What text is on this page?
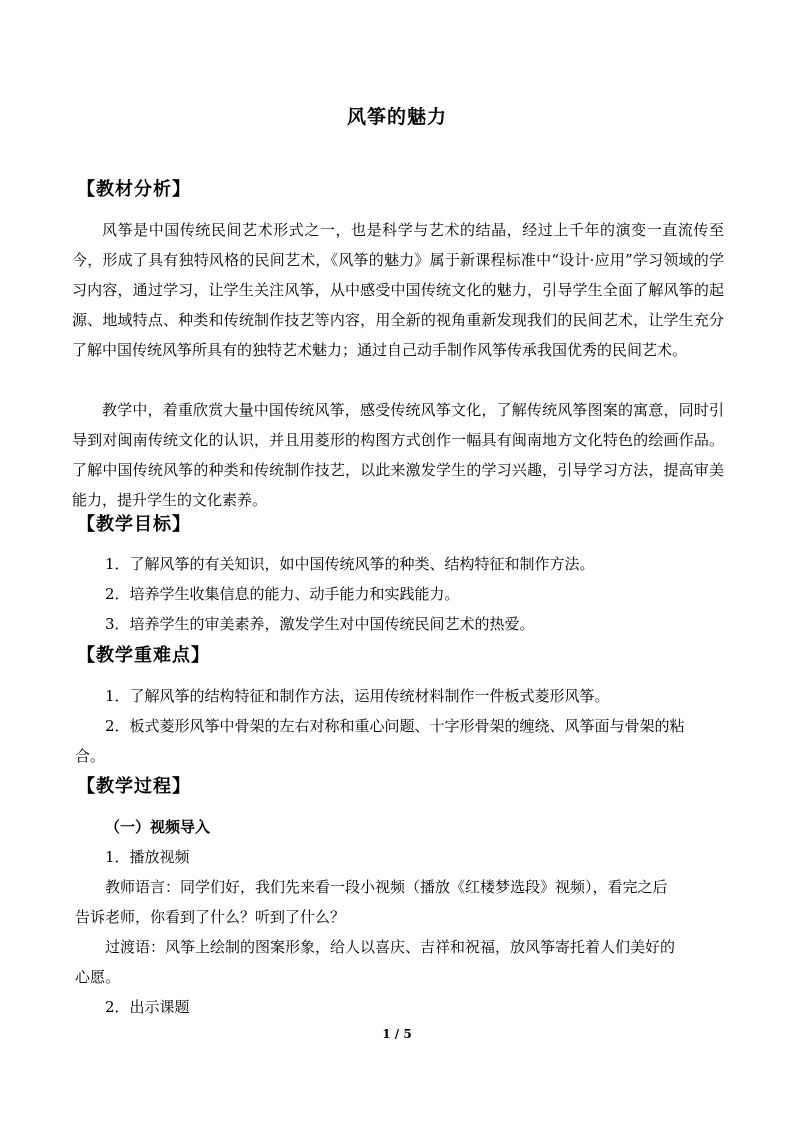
风筝的魅力
【教材分析】
风筝是中国传统民间艺术形式之一，也是科学与艺术的结晶，经过上千年的演变一直流传至今，形成了具有独特风格的民间艺术，《风筝的魅力》属于新课程标准中“设计·应用”学习领域的学习内容，通过学习，让学生关注风筝，从中感受中国传统文化的魅力，引导学生全面了解风筝的起源、地域特点、种类和传统制作技艺等内容，用全新的视角重新发现我们的民间艺术，让学生充分了解中国传统风筝所具有的独特艺术魅力；通过自己动手制作风筝传承我国优秀的民间艺术。
教学中，着重欣赏大量中国传统风筝，感受传统风筝文化，了解传统风筝图案的寓意，同时引导到对闽南传统文化的认识，并且用菱形的构图方式创作一幅具有闽南地方文化特色的绘画作品。了解中国传统风筝的种类和传统制作技艺，以此来激发学生的学习兴趣，引导学习方法，提高审美能力，提升学生的文化素养。
【教学目标】
1．了解风筝的有关知识，如中国传统风筝的种类、结构特征和制作方法。
2．培养学生收集信息的能力、动手能力和实践能力。
3．培养学生的审美素养，激发学生对中国传统民间艺术的热爱。
【教学重难点】
1．了解风筝的结构特征和制作方法，运用传统材料制作一件板式菱形风筝。
2．板式菱形风筝中骨架的左右对称和重心问题、十字形骨架的缠绕、风筝面与骨架的粘
合。
【教学过程】
（一）视频导入
1．播放视频
教师语言：同学们好，我们先来看一段小视频（播放《红楼梦选段》视频），看完之后
告诉老师，你看到了什么？听到了什么？
过渡语：风筝上绘制的图案形象，给人以喜庆、吉祥和祝福，放风筝寄托着人们美好的
心愿。
2．出示课题
1 / 5
